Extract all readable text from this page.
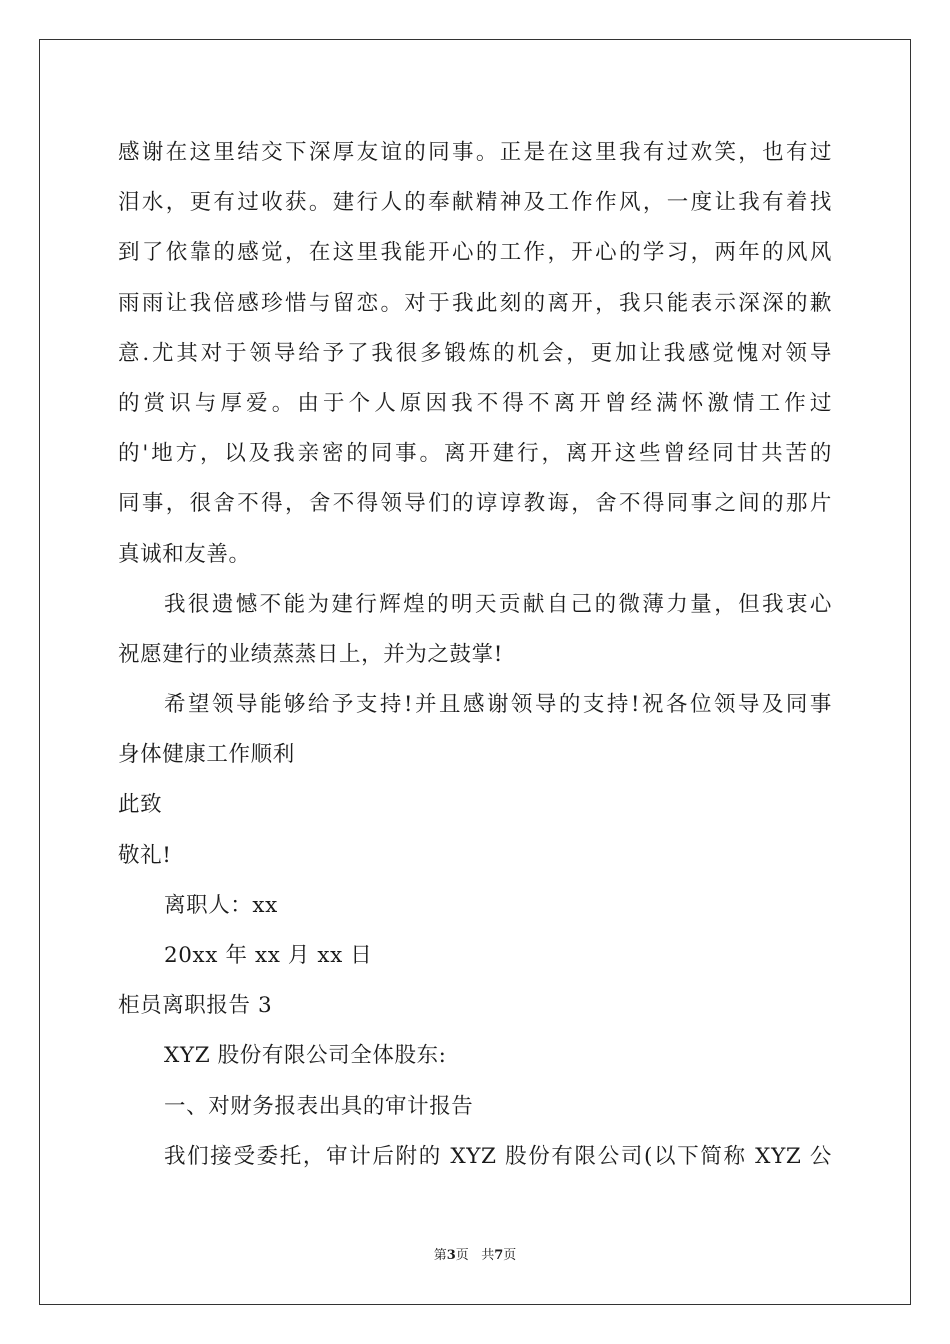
感谢在这里结交下深厚友谊的同事。正是在这里我有过欢笑，也有过
泪水，更有过收获。建行人的奉献精神及工作作风，一度让我有着找
到了依靠的感觉，在这里我能开心的工作，开心的学习，两年的风风
雨雨让我倍感珍惜与留恋。对于我此刻的离开，我只能表示深深的歉
意.尤其对于领导给予了我很多锻炼的机会，更加让我感觉愧对领导
的赏识与厚爱。由于个人原因我不得不离开曾经满怀激情工作过
的'地方，以及我亲密的同事。离开建行，离开这些曾经同甘共苦的
同事，很舍不得，舍不得领导们的谆谆教诲，舍不得同事之间的那片
真诚和友善。
我很遗憾不能为建行辉煌的明天贡献自己的微薄力量，但我衷心
祝愿建行的业绩蒸蒸日上，并为之鼓掌!
希望领导能够给予支持!并且感谢领导的支持!祝各位领导及同事
身体健康工作顺利
此致
敬礼!
离职人：xx
20xx 年 xx 月 xx 日
柜员离职报告 3
XYZ 股份有限公司全体股东:
一、对财务报表出具的审计报告
我们接受委托，审计后附的 XYZ 股份有限公司(以下简称 XYZ 公
第3页   共7页
